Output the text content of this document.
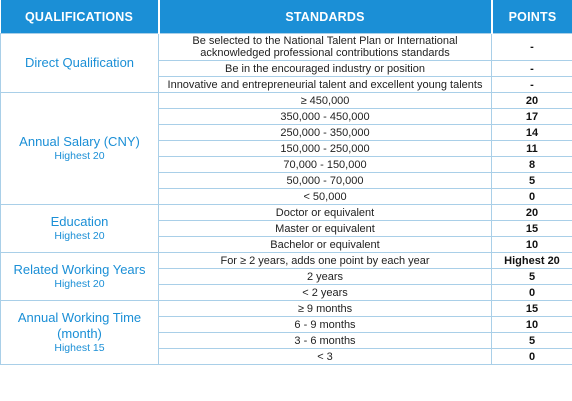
QUALIFICATIONS	STANDARDS	POINTS

Direct Qualification	Be selected to the National Talent Plan or International acknowledged professional contributions standards	-
	Be in the encouraged industry or position	-
	Innovative and entrepreneurial talent and excellent young talents	-

Annual Salary (CNY)
Highest 20	≥ 450,000	20
	350,000 - 450,000	17
	250,000 - 350,000	14
	150,000 - 250,000	11
	70,000 - 150,000	8
	50,000 - 70,000	5
	< 50,000	0

Education
Highest 20	Doctor or equivalent	20
	Master or equivalent	15
	Bachelor or equivalent	10

Related Working Years
Highest 20	For ≥ 2 years, adds one point by each year	Highest 20
	2 years	5
	< 2 years	0

Annual Working Time (month)
Highest 15	≥ 9 months	15
	6 - 9 months	10
	3 - 6 months	5
	< 3	0
